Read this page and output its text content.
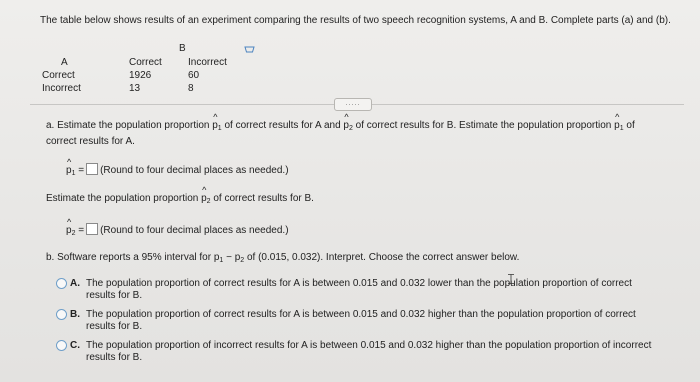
The table below shows results of an experiment comparing the results of two speech recognition systems, A and B. Complete parts (a) and (b).
B
A	Correct	Incorrect
Correct	1926	60
Incorrect	13	8
.....
a. Estimate the population proportion ^ $p_1$ of correct results for A and ^ $p_2$ of correct results for B. Estimate the population proportion ^ $p_1$ of
correct results for A.
^ $p_1$ = (Round to four decimal places as needed.)
Estimate the population proportion ^ $p_2$ of correct results for B.
^ $p_2$ = (Round to four decimal places as needed.)
b. Software reports a 95% interval for $p_1 - p_2$ of (0.015, 0.032). Interpret. Choose the correct answer below.
A. The population proportion of correct results for A is between 0.015 and 0.032 lower than the population proportion of correct results for B.
B. The population proportion of correct results for A is between 0.015 and 0.032 higher than the population proportion of correct results for B.
C. The population proportion of incorrect results for A is between 0.015 and 0.032 higher than the population proportion of incorrect results for B.
